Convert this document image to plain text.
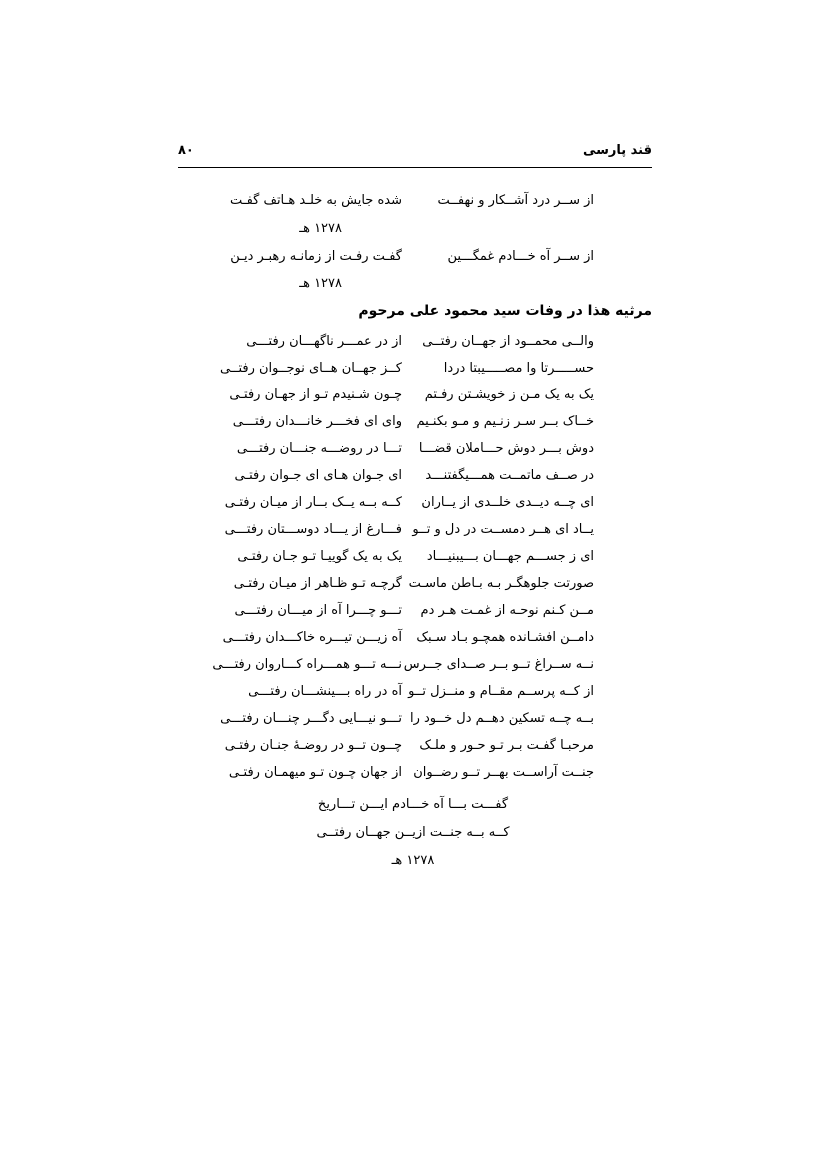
قند پارسی
۸۰
از ســر درد آشــکار و نهفــت
شده جایش به خلـد هـاتف گفـت
۱۲۷۸ هـ
از ســر آه خـــادم غمگـــین
گفـت رفـت از زمانـه رهبـر دیـن
۱۲۷۸ هـ
مرثیه هذا در وفات سید محمود علی مرحوم
والــی محمــود از جهــان رفتــی
از در عمـــر ناگهـــان رفتـــی
حســـــرتا وا مصـــــیبتا دردا
کــز جهــان هــای نوجــوان رفتــی
یک به یک مـن ز خویشـتن رفـتم
چـون شـنیدم تـو از جهـان رفتـی
خــاک بــر سـر زنـیم و مـو بکنـیم
وای ای فخـــر خانـــدان رفتـــی
دوش بـــر دوش حـــاملان قضـــا
تـــا در روضـــه جنـــان رفتـــی
در صــف ماتمــت همـــیگفتنـــد
ای جـوان هـای ای جـوان رفتـی
ای چــه دیــدی خلــدی از یــاران
کــه بــه یــک بــار از میـان رفتـی
یــاد ای هــر دمســت در دل و تــو
فـــارغ از یـــاد دوســـتان رفتـــی
ای ز جســـم جهـــان بـــیبنیـــاد
یک به یک گوییـا تـو جـان رفتـی
صورتت جلوهگـر بـه بـاطن ماسـت
گرچـه تـو ظـاهر از میـان رفتـی
مــن کـنم نوحـه از غمـت هـر دم
تـــو چـــرا آه از میـــان رفتـــی
دامــن افشـانده همچـو بـاد سـبک
آه زیـــن تیـــره خاکـــدان رفتـــی
نــه ســراغ تــو بــر صــدای جــرس
نـــه تـــو همـــراه کـــاروان رفتـــی
از کــه پرســم مقــام و منــزل تــو
آه در راه بـــینشـــان رفتـــی
بــه چــه تسکین دهــم دل خــود را
تـــو نیـــایی دگـــر چنـــان رفتـــی
مرحبـا گفـت بـر تـو حـور و ملـک
چــون تــو در روضـهٔ جنـان رفتـی
جنــت آراســت بهــر تــو رضــوان
از جهان چـون تـو میهمـان رفتـی
گفـــت بـــا آه خـــادم ایـــن تـــاریخ
کــه بــه جنــت ازیــن جهــان رفتــی
۱۲۷۸ هـ
